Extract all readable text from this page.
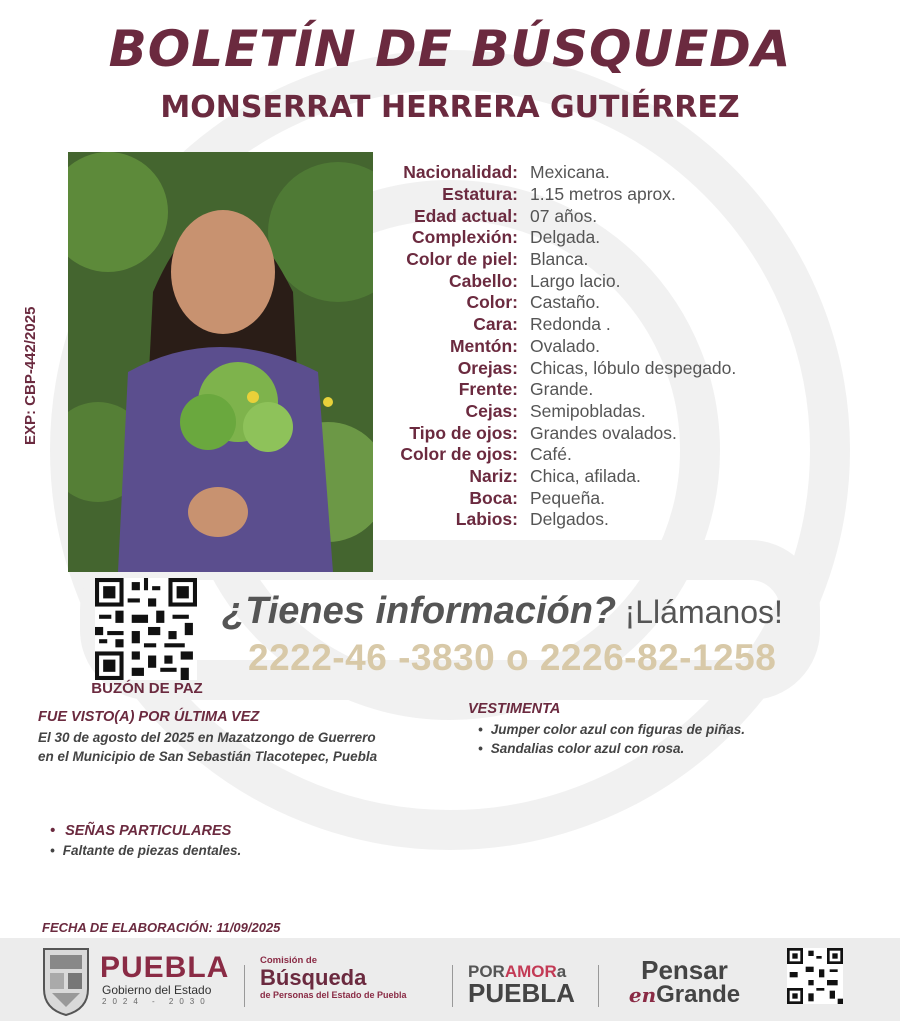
BOLETÍN DE BÚSQUEDA
MONSERRAT HERRERA GUTIÉRREZ
EXP: CBP-442/2025
Nacionalidad: Mexicana.
Estatura: 1.15 metros aprox.
Edad actual: 07 años.
Complexión: Delgada.
Color de piel: Blanca.
Cabello: Largo lacio.
Color: Castaño.
Cara: Redonda .
Mentón: Ovalado.
Orejas: Chicas, lóbulo despegado.
Frente: Grande.
Cejas: Semipobladas.
Tipo de ojos: Grandes ovalados.
Color de ojos: Café.
Nariz: Chica, afilada.
Boca: Pequeña.
Labios: Delgados.
BUZÓN DE PAZ
¿Tienes información? ¡Llámanos!
2222-46 -3830 o 2226-82-1258
FUE VISTO(A) POR ÚLTIMA VEZ
El 30 de agosto del 2025 en Mazatzongo de Guerrero
en el Municipio de San Sebastián Tlacotepec, Puebla
VESTIMENTA
• Jumper color azul con figuras de piñas.
• Sandalias color azul con rosa.
• SEÑAS PARTICULARES
• Faltante de piezas dentales.
FECHA DE ELABORACIÓN: 11/09/2025
PUEBLA
Gobierno del Estado
2024 - 2030
Comisión de
Búsqueda
de Personas del Estado de Puebla
PORAMORa
PUEBLA
Pensar
enGrande
